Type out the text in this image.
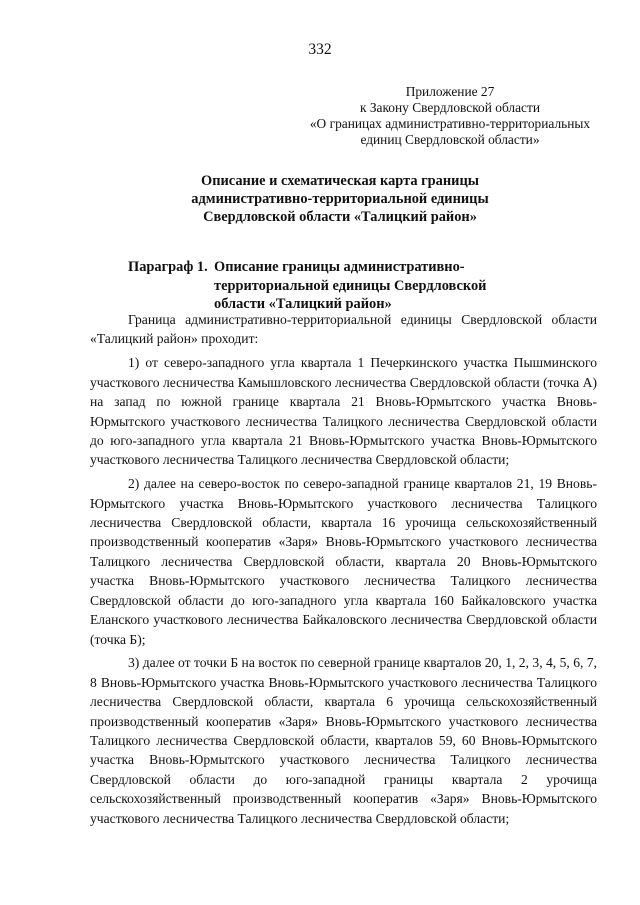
332
Приложение 27
к Закону Свердловской области
«О границах административно-территориальных
единиц Свердловской области»
Описание и схематическая карта границы
административно-территориальной единицы
Свердловской области «Талицкий район»
Параграф 1. Описание границы административно-
территориальной единицы Свердловской
области «Талицкий район»

Граница административно-территориальной единицы Свердловской области «Талицкий район» проходит:

1) от северо-западного угла квартала 1 Печеркинского участка Пышминского участкового лесничества Камышловского лесничества Свердловской области (точка А) на запад по южной границе квартала 21 Вновь-Юрмытского участка Вновь-Юрмытского участкового лесничества Талицкого лесничества Свердловской области до юго-западного угла квартала 21 Вновь-Юрмытского участка Вновь-Юрмытского участкового лесничества Талицкого лесничества Свердловской области;

2) далее на северо-восток по северо-западной границе кварталов 21, 19 Вновь-Юрмытского участка Вновь-Юрмытского участкового лесничества Талицкого лесничества Свердловской области, квартала 16 урочища сельскохозяйственный производственный кооператив «Заря» Вновь-Юрмытского участкового лесничества Талицкого лесничества Свердловской области, квартала 20 Вновь-Юрмытского участка Вновь-Юрмытского участкового лесничества Талицкого лесничества Свердловской области до юго-западного угла квартала 160 Байкаловского участка Еланского участкового лесничества Байкаловского лесничества Свердловской области (точка Б);

3) далее от точки Б на восток по северной границе кварталов 20, 1, 2, 3, 4, 5, 6, 7, 8 Вновь-Юрмытского участка Вновь-Юрмытского участкового лесничества Талицкого лесничества Свердловской области, квартала 6 урочища сельскохозяйственный производственный кооператив «Заря» Вновь-Юрмытского участкового лесничества Талицкого лесничества Свердловской области, кварталов 59, 60 Вновь-Юрмытского участка Вновь-Юрмытского участкового лесничества Талицкого лесничества Свердловской области до юго-западной границы квартала 2 урочища сельскохозяйственный производственный кооператив «Заря» Вновь-Юрмытского участкового лесничества Талицкого лесничества Свердловской области;
